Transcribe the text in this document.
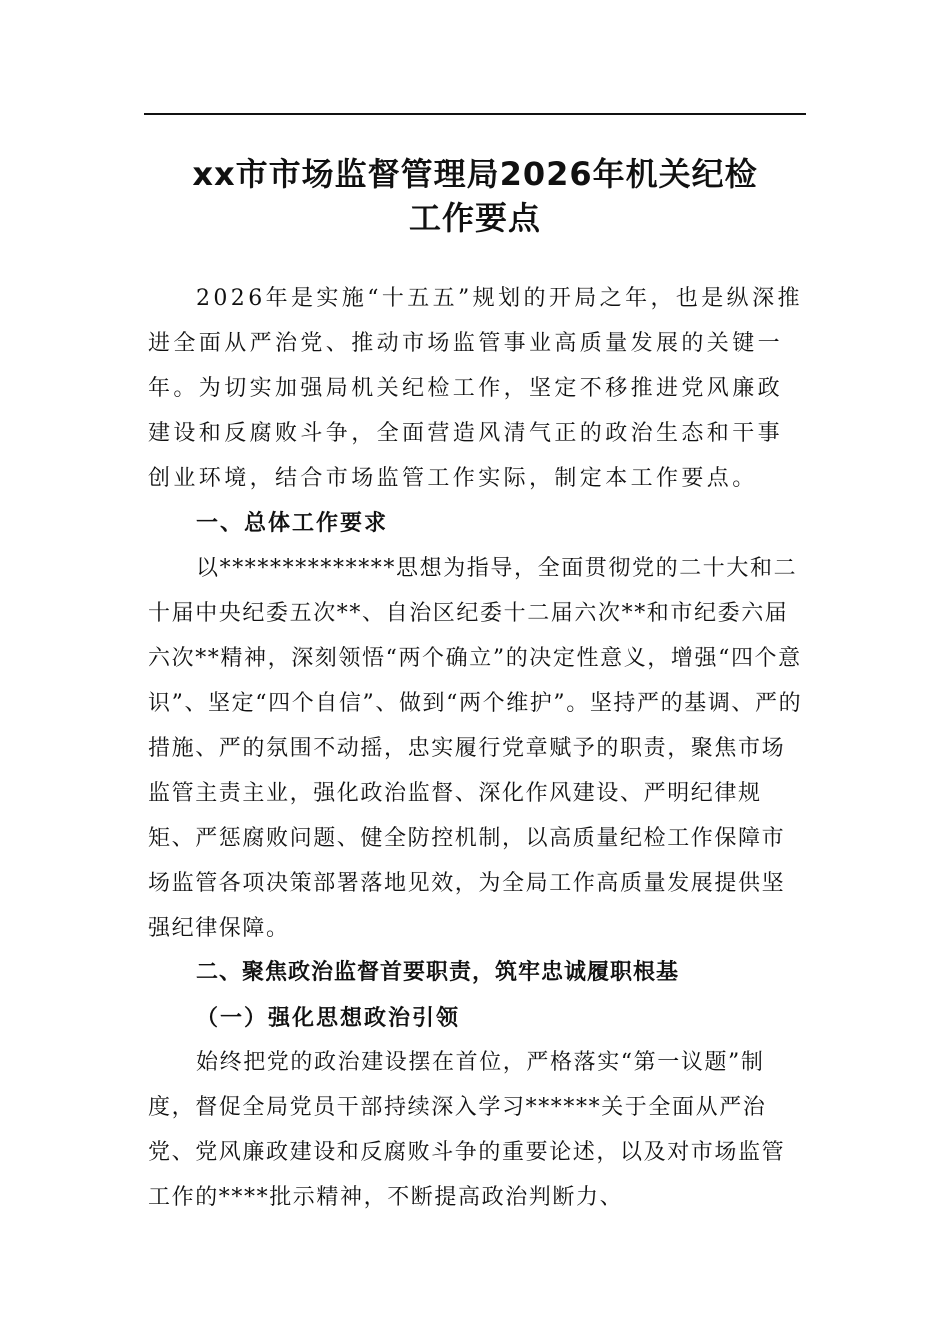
xx市市场监督管理局2026年机关纪检
工作要点

2026年是实施“十五五”规划的开局之年，也是纵深推进全面从严治党、推动市场监管事业高质量发展的关键一年。为切实加强局机关纪检工作，坚定不移推进党风廉政建设和反腐败斗争，全面营造风清气正的政治生态和干事创业环境，结合市场监管工作实际，制定本工作要点。

一、总体工作要求

以**************思想为指导，全面贯彻党的二十大和二十届中央纪委五次**、自治区纪委十二届六次**和市纪委六届六次**精神，深刻领悟“两个确立”的决定性意义，增强“四个意识”、坚定“四个自信”、做到“两个维护”。坚持严的基调、严的措施、严的氛围不动摇，忠实履行党章赋予的职责，聚焦市场监管主责主业，强化政治监督、深化作风建设、严明纪律规矩、严惩腐败问题、健全防控机制，以高质量纪检工作保障市场监管各项决策部署落地见效，为全局工作高质量发展提供坚强纪律保障。

二、聚焦政治监督首要职责，筑牢忠诚履职根基
（一）强化思想政治引领

始终把党的政治建设摆在首位，严格落实“第一议题”制度，督促全局党员干部持续深入学习******关于全面从严治党、党风廉政建设和反腐败斗争的重要论述，以及对市场监管工作的****批示精神，不断提高政治判断力、
